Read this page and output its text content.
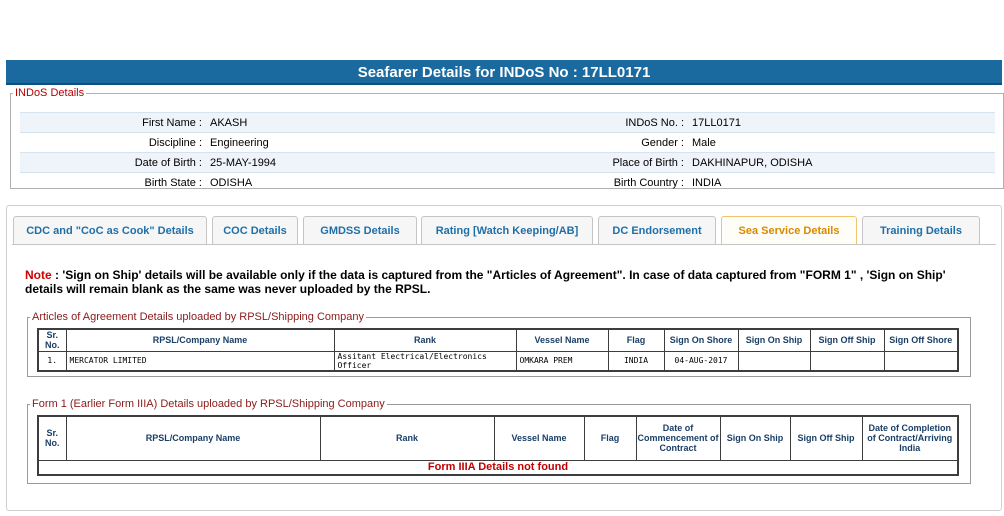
Seafarer Details for INDoS No : 17LL0171
INDoS Details
First Name :	AKASH	INDoS No. :	17LL0171
Discipline :	Engineering	Gender :	Male
Date of Birth :	25-MAY-1994	Place of Birth :	DAKHINAPUR, ODISHA
Birth State :	ODISHA	Birth Country :	INDIA
CDC and "CoC as Cook" Details	COC Details	GMDSS Details	Rating [Watch Keeping/AB]	DC Endorsement	Sea Service Details	Training Details
Note : 'Sign on Ship' details will be available only if the data is captured from the "Articles of Agreement". In case of data captured from "FORM 1" , 'Sign on Ship' details will remain blank as the same was never uploaded by the RPSL.
Articles of Agreement Details uploaded by RPSL/Shipping Company
Sr. No.	RPSL/Company Name	Rank	Vessel Name	Flag	Sign On Shore	Sign On Ship	Sign Off Ship	Sign Off Shore
1.	MERCATOR LIMITED	Assitant Electrical/Electronics Officer	OMKARA PREM	INDIA	04-AUG-2017			
Form 1 (Earlier Form IIIA) Details uploaded by RPSL/Shipping Company
Sr. No.	RPSL/Company Name	Rank	Vessel Name	Flag	Date of Commencement of Contract	Sign On Ship	Sign Off Ship	Date of Completion of Contract/Arriving India
Form IIIA Details not found
